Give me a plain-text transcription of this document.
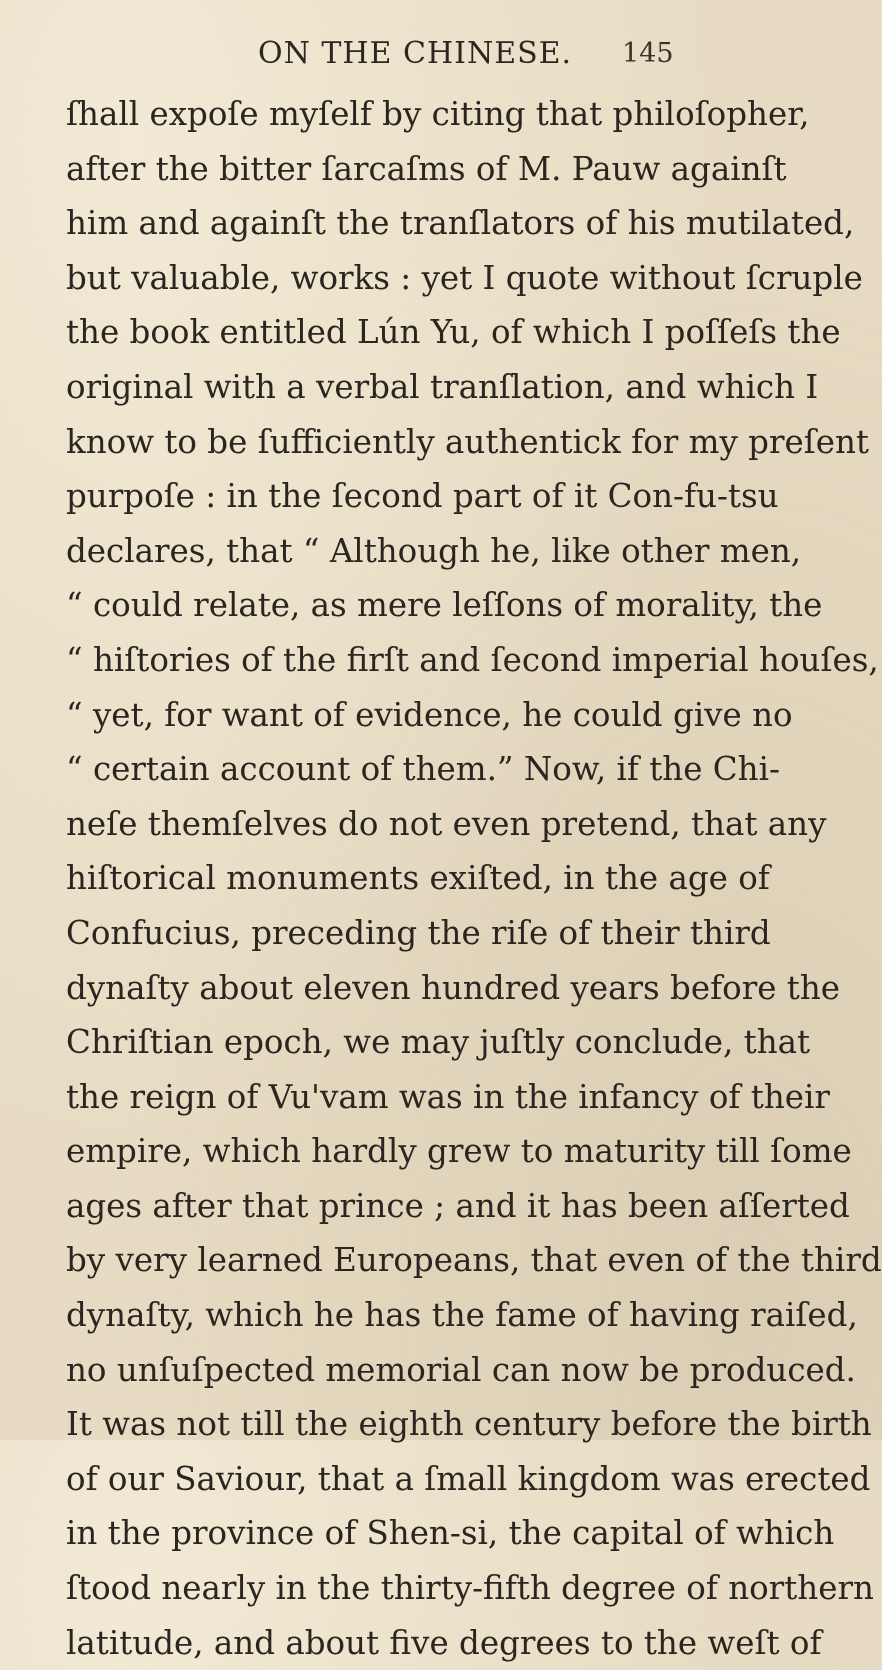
ON THE CHINESE. 145
ſhall expoſe myſelf by citing that philoſopher,
after the bitter ſarcaſms of M. Pauw againſt
him and againſt the tranſlators of his mutilated,
but valuable, works : yet I quote without ſcruple
the book entitled Lún Yu, of which I poſſeſs the
original with a verbal tranſlation, and which I
know to be ſufficiently authentick for my preſent
purpoſe : in the ſecond part of it Con-fu-tsu
declares, that “ Although he, like other men,
“ could relate, as mere leſſons of morality, the
“ hiſtories of the firſt and ſecond imperial houſes,
“ yet, for want of evidence, he could give no
“ certain account of them.” Now, if the Chi-
neſe themſelves do not even pretend, that any
hiſtorical monuments exiſted, in the age of
Confucius, preceding the riſe of their third
dynaſty about eleven hundred years before the
Chriſtian epoch, we may juſtly conclude, that
the reign of Vu'vam was in the infancy of their
empire, which hardly grew to maturity till ſome
ages after that prince ; and it has been aſſerted
by very learned Europeans, that even of the third
dynaſty, which he has the fame of having raiſed,
no unſuſpected memorial can now be produced.
It was not till the eighth century before the birth
of our Saviour, that a ſmall kingdom was erected
in the province of Shen-si, the capital of which
ſtood nearly in the thirty-fifth degree of northern
latitude, and about five degrees to the weſt of
